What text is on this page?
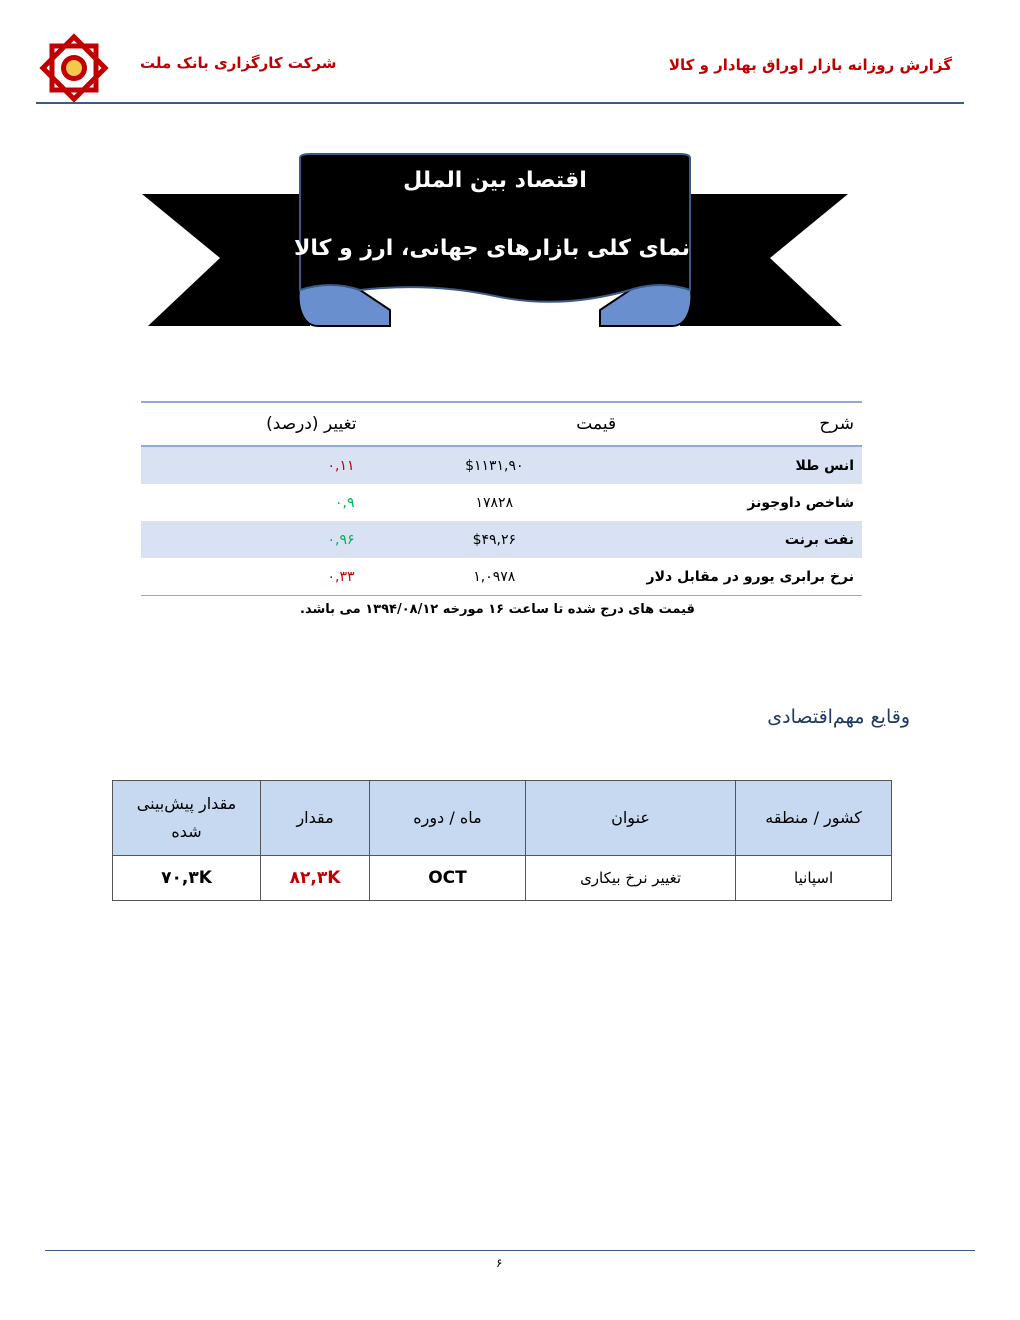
شرکت کارگزاری بانک ملت	گزارش روزانه بازار اوراق بهادار و کالا
اقتصاد بین الملل
نمای کلی بازارهای جهانی، ارز و کالا
شرح	قیمت	تغییر (درصد)
انس طلا	$۱۱۳۱,۹۰	۰,۱۱
شاخص داوجونز	۱۷۸۲۸	۰,۹
نفت برنت	$۴۹,۲۶	۰,۹۶
نرخ برابری یورو در مقابل دلار	۱,۰۹۷۸	۰,۳۳
قیمت های درج شده تا ساعت ۱۶ مورخه ۱۳۹۴/۰۸/۱۲ می باشد.
وقایع مهم‌اقتصادی
کشور / منطقه	عنوان	ماه / دوره	مقدار	مقدار پیش‌بینی
شده
اسپانیا	تغییر نرخ بیکاری	OCT	۸۲,۳K	۷۰,۳K
۶
